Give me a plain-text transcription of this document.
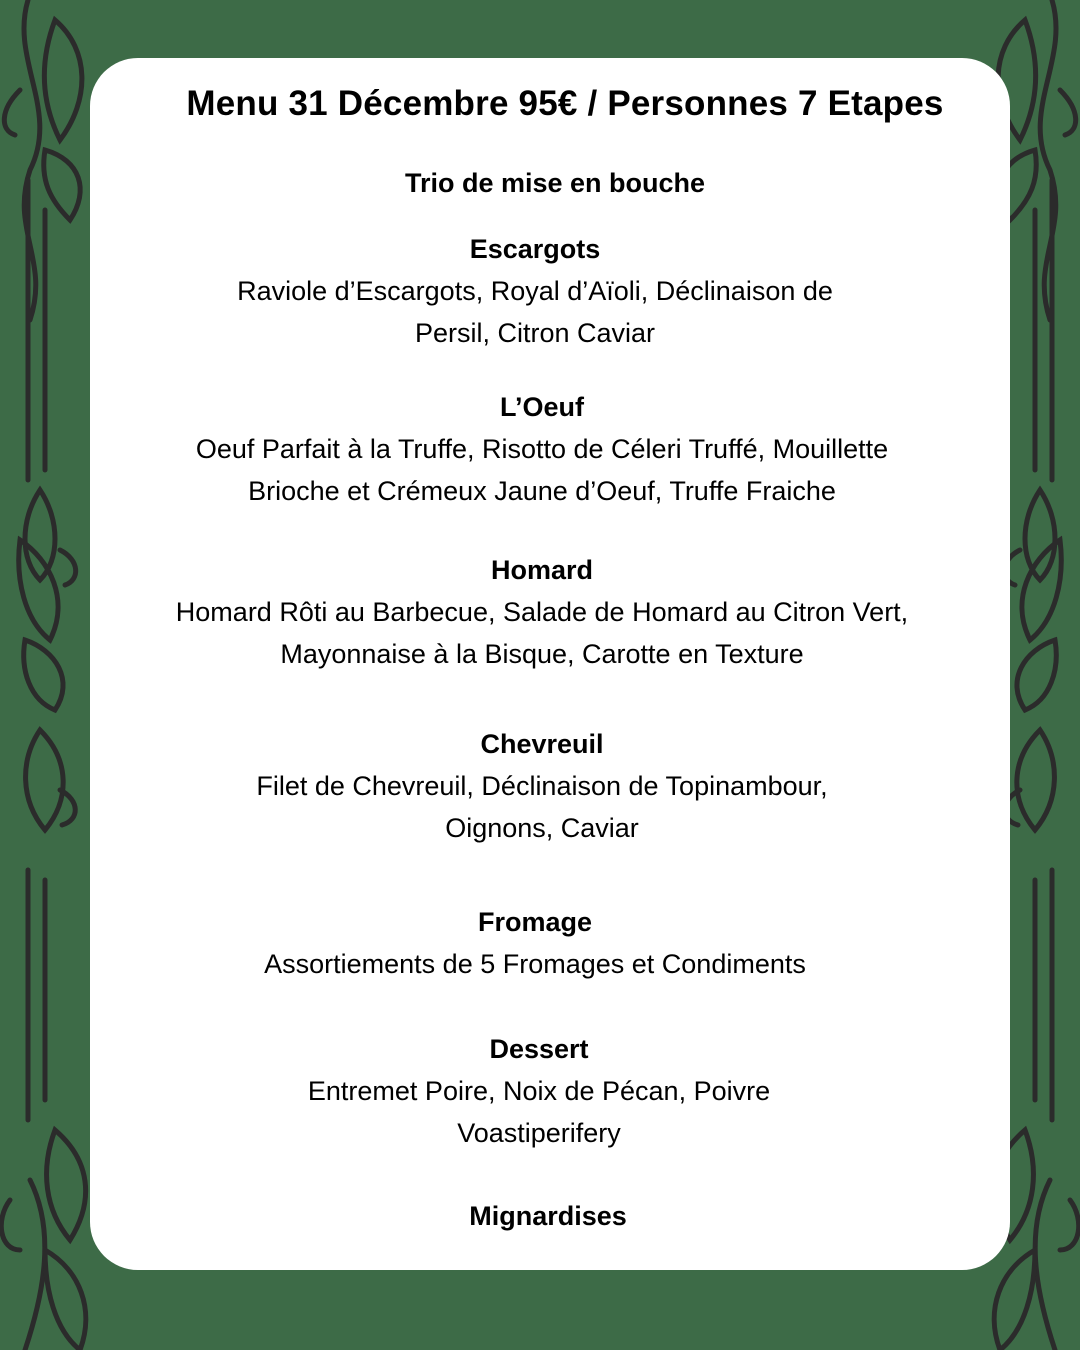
Menu 31 Décembre 95€ / Personnes 7 Etapes
Trio de mise en bouche
Escargots
Raviole d’Escargots, Royal d’Aïoli, Déclinaison de
Persil, Citron Caviar
L’Oeuf
Oeuf Parfait à la Truffe, Risotto de Céleri Truffé, Mouillette
Brioche et Crémeux Jaune d’Oeuf, Truffe Fraiche
Homard
Homard Rôti au Barbecue, Salade de Homard au Citron Vert,
Mayonnaise à la Bisque, Carotte en Texture
Chevreuil
Filet de Chevreuil, Déclinaison de Topinambour,
Oignons, Caviar
Fromage
Assortiements de 5 Fromages et Condiments
Dessert
Entremet Poire, Noix de Pécan, Poivre
Voastiperifery
Mignardises
